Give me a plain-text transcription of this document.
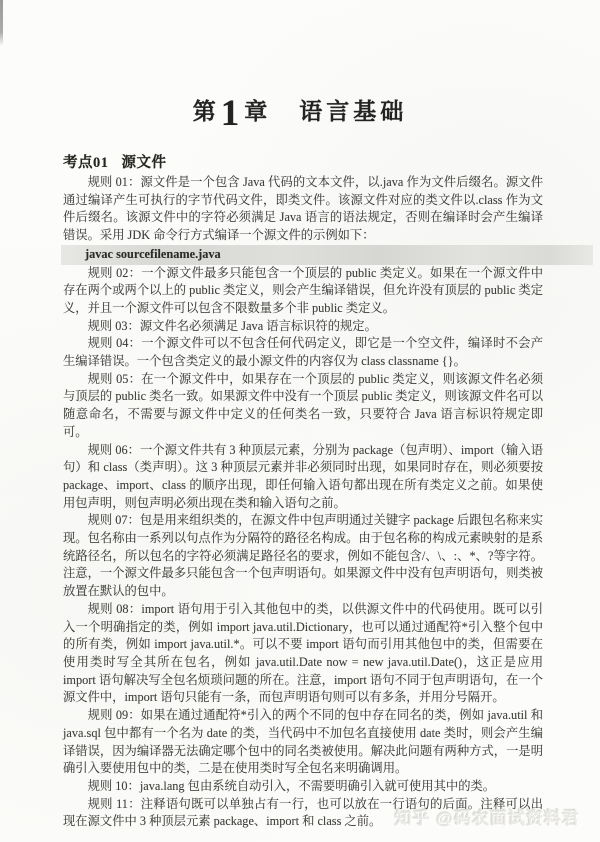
第1 章 语言基础
考点01 源文件

规则 01：源文件是一个包含 Java 代码的文本文件，以.java 作为文件后缀名。源文件通过编译产生可执行的字节代码文件，即类文件。该源文件对应的类文件以.class 作为文件后缀名。该源文件中的字符必须满足 Java 语言的语法规定，否则在编译时会产生编译错误。采用 JDK 命令行方式编译一个源文件的示例如下：

javac sourcefilename.java

规则 02：一个源文件最多只能包含一个顶层的 public 类定义。如果在一个源文件中存在两个或两个以上的 public 类定义，则会产生编译错误，但允许没有顶层的 public 类定义，并且一个源文件可以包含不限数量多个非 public 类定义。

规则 03：源文件名必须满足 Java 语言标识符的规定。

规则 04：一个源文件可以不包含任何代码定义，即它是一个空文件，编译时不会产生编译错误。一个包含类定义的最小源文件的内容仅为 class classname {}。

规则 05：在一个源文件中，如果存在一个顶层的 public 类定义，则该源文件名必须与顶层的 public 类名一致。如果源文件中没有一个顶层 public 类定义，则该源文件名可以随意命名，不需要与源文件中定义的任何类名一致，只要符合 Java 语言标识符规定即可。

规则 06：一个源文件共有 3 种顶层元素，分别为 package（包声明）、import（输入语句）和 class（类声明）。这 3 种顶层元素并非必须同时出现，如果同时存在，则必须要按 package、import、class 的顺序出现，即任何输入语句都出现在所有类定义之前。如果使用包声明，则包声明必须出现在类和输入语句之前。

规则 07：包是用来组织类的，在源文件中包声明通过关键字 package 后跟包名称来实现。包名称由一系列以句点作为分隔符的路径名构成。由于包名称的构成元素映射的是系统路径名，所以包名的字符必须满足路径名的要求，例如不能包含/、\、:、*、?等字符。注意，一个源文件最多只能包含一个包声明语句。如果源文件中没有包声明语句，则类被放置在默认的包中。

规则 08：import 语句用于引入其他包中的类，以供源文件中的代码使用。既可以引入一个明确指定的类，例如 import java.util.Dictionary，也可以通过通配符*引入整个包中的所有类，例如 import java.util.*。可以不要 import 语句而引用其他包中的类，但需要在使用类时写全其所在包名，例如 java.util.Date now = new java.util.Date()，这正是应用 import 语句解决写全包名烦琐问题的所在。注意，import 语句不同于包声明语句，在一个源文件中，import 语句只能有一条，而包声明语句则可以有多条，并用分号隔开。

规则 09：如果在通过通配符*引入的两个不同的包中存在同名的类，例如 java.util 和 java.sql 包中都有一个名为 date 的类，当代码中不加包名直接使用 date 类时，则会产生编译错误，因为编译器无法确定哪个包中的同名类被使用。解决此问题有两种方式，一是明确引入要使用包中的类，二是在使用类时写全包名来明确调用。

规则 10：java.lang 包由系统自动引入，不需要明确引入就可使用其中的类。

规则 11：注释语句既可以单独占有一行，也可以放在一行语句的后面。注释可以出现在源文件中 3 种顶层元素 package、import 和 class 之前。 知乎 @码农面试资料君
